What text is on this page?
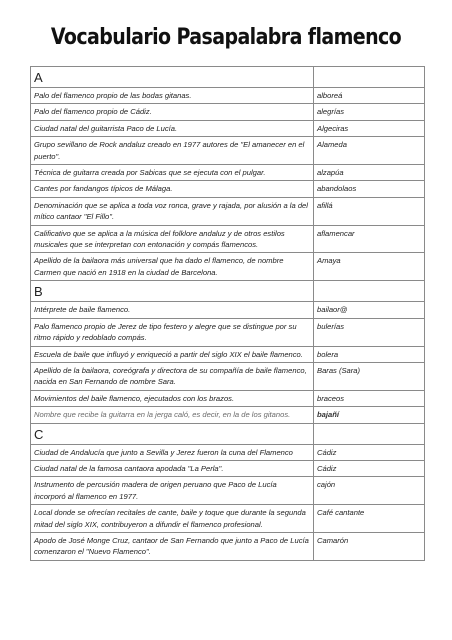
Vocabulario Pasapalabra flamenco
A	
Palo del flamenco propio de las bodas gitanas.	alboreá
Palo del flamenco propio de Cádiz.	alegrías
Ciudad natal del guitarrista Paco de Lucía.	Algeciras
Grupo sevillano de Rock andaluz creado en 1977 autores de "El amanecer en el puerto".	Alameda
Técnica de guitarra creada por Sabicas que se ejecuta con el pulgar.	alzapúa
Cantes por fandangos típicos de Málaga.	abandolaos
Denominación que se aplica a toda voz ronca, grave y rajada, por alusión a la del mítico cantaor "El Fillo".	afillá
Calificativo que se aplica a la música del folklore andaluz y de otros estilos musicales que se interpretan con entonación y compás flamencos.	aflamencar
Apellido de la bailaora más universal que ha dado el flamenco, de nombre Carmen que nació en 1918 en la ciudad de Barcelona.	Amaya
B	
Intérprete de baile flamenco.	bailaor@
Palo flamenco propio de Jerez de tipo festero y alegre que se distingue por su ritmo rápido y redoblado compás.	bulerías
Escuela de baile que influyó y enriqueció a partir del siglo XIX el baile flamenco.	bolera
Apellido de la bailaora, coreógrafa y directora de su compañía de baile flamenco, nacida en San Fernando de nombre Sara.	Baras (Sara)
Movimientos del baile flamenco, ejecutados con los brazos.	braceos
Nombre que recibe la guitarra en la jerga caló, es decir, en la de los gitanos.	bajañí
C	
Ciudad de Andalucía que junto a Sevilla y Jerez fueron la cuna del Flamenco	Cádiz
Ciudad natal de la famosa cantaora apodada "La Perla".	Cádiz
Instrumento de percusión madera de origen peruano que Paco de Lucía incorporó al flamenco en 1977.	cajón
Local donde se ofrecían recitales de cante, baile y toque que durante la segunda mitad del siglo XIX, contribuyeron a difundir el flamenco profesional.	Café cantante
Apodo de José Monge Cruz, cantaor de San Fernando que junto a Paco de Lucía comenzaron el "Nuevo Flamenco".	Camarón
